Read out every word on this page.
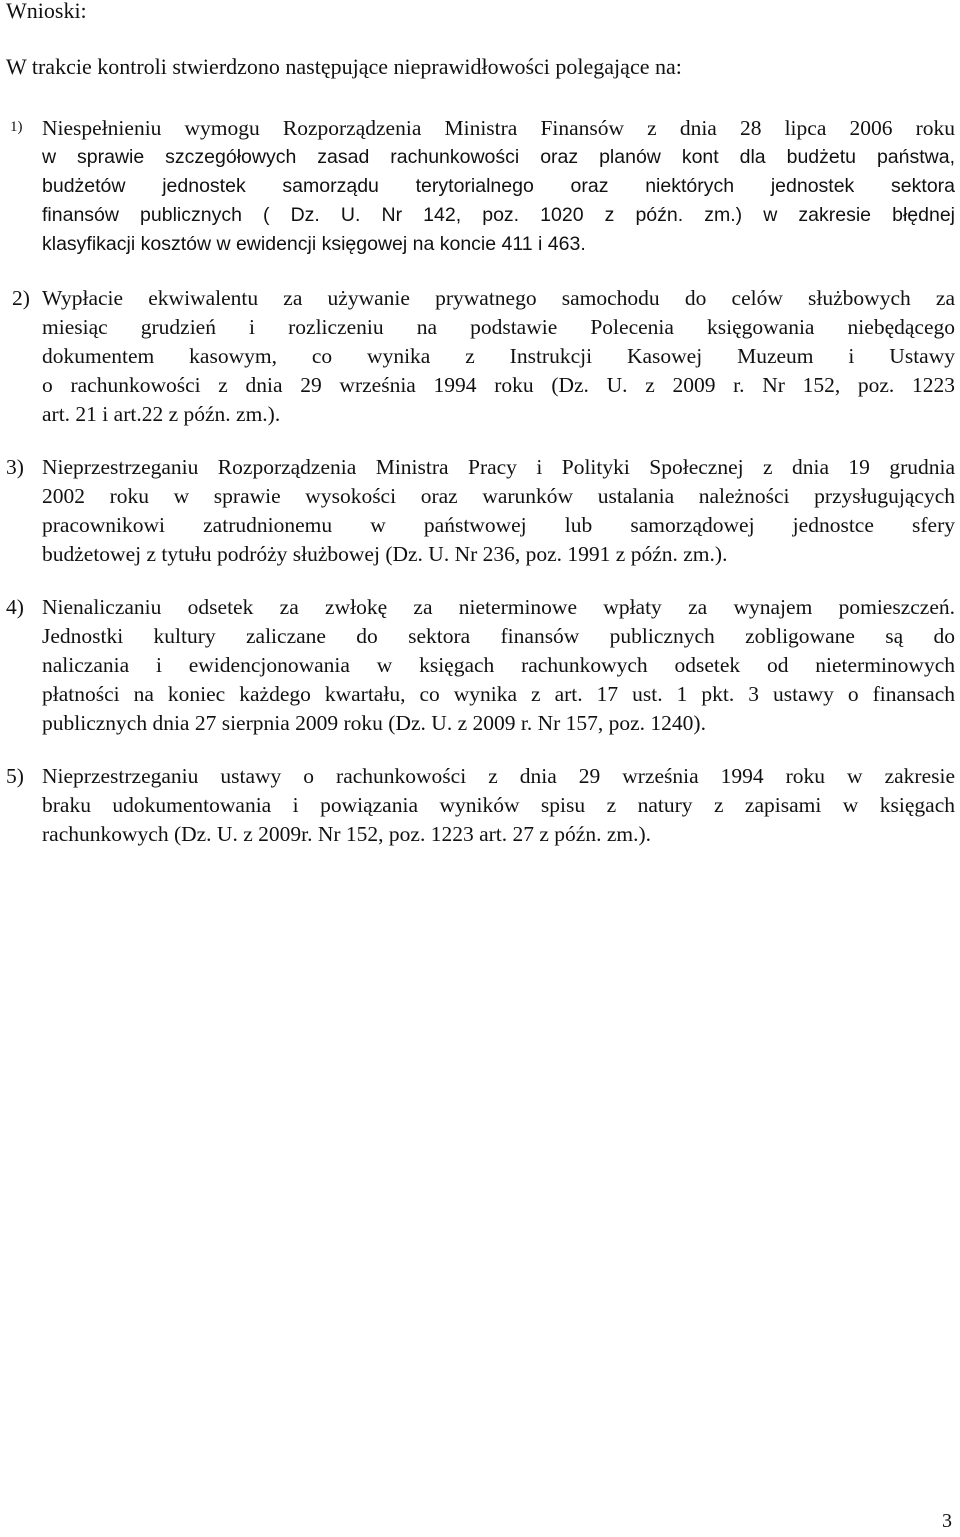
Wnioski:
W trakcie kontroli stwierdzono następujące nieprawidłowości polegające na:
1) Niespełnieniu wymogu Rozporządzenia Ministra Finansów z dnia 28 lipca 2006 roku
w sprawie szczegółowych zasad rachunkowości oraz planów kont dla budżetu państwa,
budżetów jednostek samorządu terytorialnego oraz niektórych jednostek sektora
finansów publicznych ( Dz. U. Nr 142, poz. 1020 z późn. zm.) w zakresie błędnej
klasyfikacji kosztów w ewidencji księgowej na koncie 411 i 463.
2) Wypłacie ekwiwalentu za używanie prywatnego samochodu do celów służbowych za
miesiąc grudzień i rozliczeniu na podstawie Polecenia księgowania niebędącego
dokumentem kasowym, co wynika z Instrukcji Kasowej Muzeum i Ustawy
o rachunkowości z dnia 29 września 1994 roku (Dz. U. z 2009 r. Nr 152, poz. 1223
art. 21 i art.22 z późn. zm.).
3) Nieprzestrzeganiu Rozporządzenia Ministra Pracy i Polityki Społecznej z dnia 19 grudnia
2002 roku w sprawie wysokości oraz warunków ustalania należności przysługujących
pracownikowi zatrudnionemu w państwowej lub samorządowej jednostce sfery
budżetowej z tytułu podróży służbowej (Dz. U. Nr 236, poz. 1991 z późn. zm.).
4) Nienaliczaniu odsetek za zwłokę za nieterminowe wpłaty za wynajem pomieszczeń.
Jednostki kultury zaliczane do sektora finansów publicznych zobligowane są do
naliczania i ewidencjonowania w księgach rachunkowych odsetek od nieterminowych
płatności na koniec każdego kwartału, co wynika z art. 17 ust. 1 pkt. 3 ustawy o finansach
publicznych dnia 27 sierpnia 2009 roku (Dz. U. z 2009 r. Nr 157, poz. 1240).
5) Nieprzestrzeganiu ustawy o rachunkowości z dnia 29 września 1994 roku w zakresie
braku udokumentowania i powiązania wyników spisu z natury z zapisami w księgach
rachunkowych (Dz. U. z 2009r. Nr 152, poz. 1223 art. 27 z późn. zm.).
3
